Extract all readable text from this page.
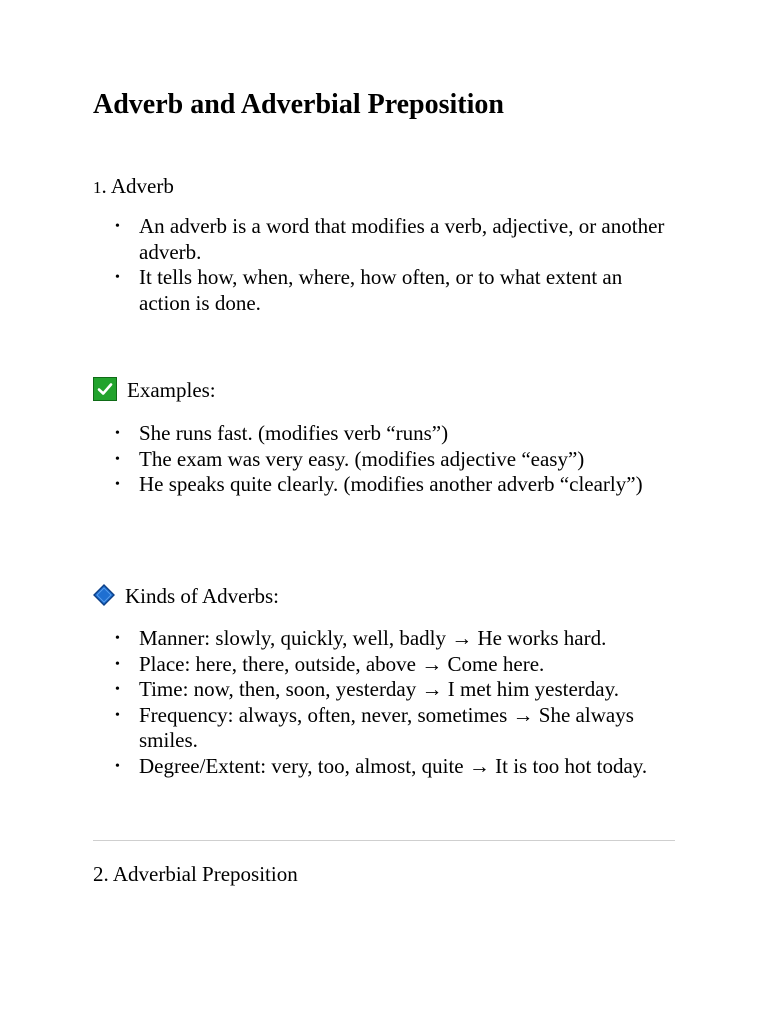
Adverb and Adverbial Preposition
1. Adverb
• An adverb is a word that modifies a verb, adjective, or another adverb.
• It tells how, when, where, how often, or to what extent an action is done.
Examples:
• She runs fast. (modifies verb “runs”)
• The exam was very easy. (modifies adjective “easy”)
• He speaks quite clearly. (modifies another adverb “clearly”)
Kinds of Adverbs:
• Manner: slowly, quickly, well, badly → He works hard.
• Place: here, there, outside, above → Come here.
• Time: now, then, soon, yesterday → I met him yesterday.
• Frequency: always, often, never, sometimes → She always smiles.
• Degree/Extent: very, too, almost, quite → It is too hot today.
2. Adverbial Preposition
